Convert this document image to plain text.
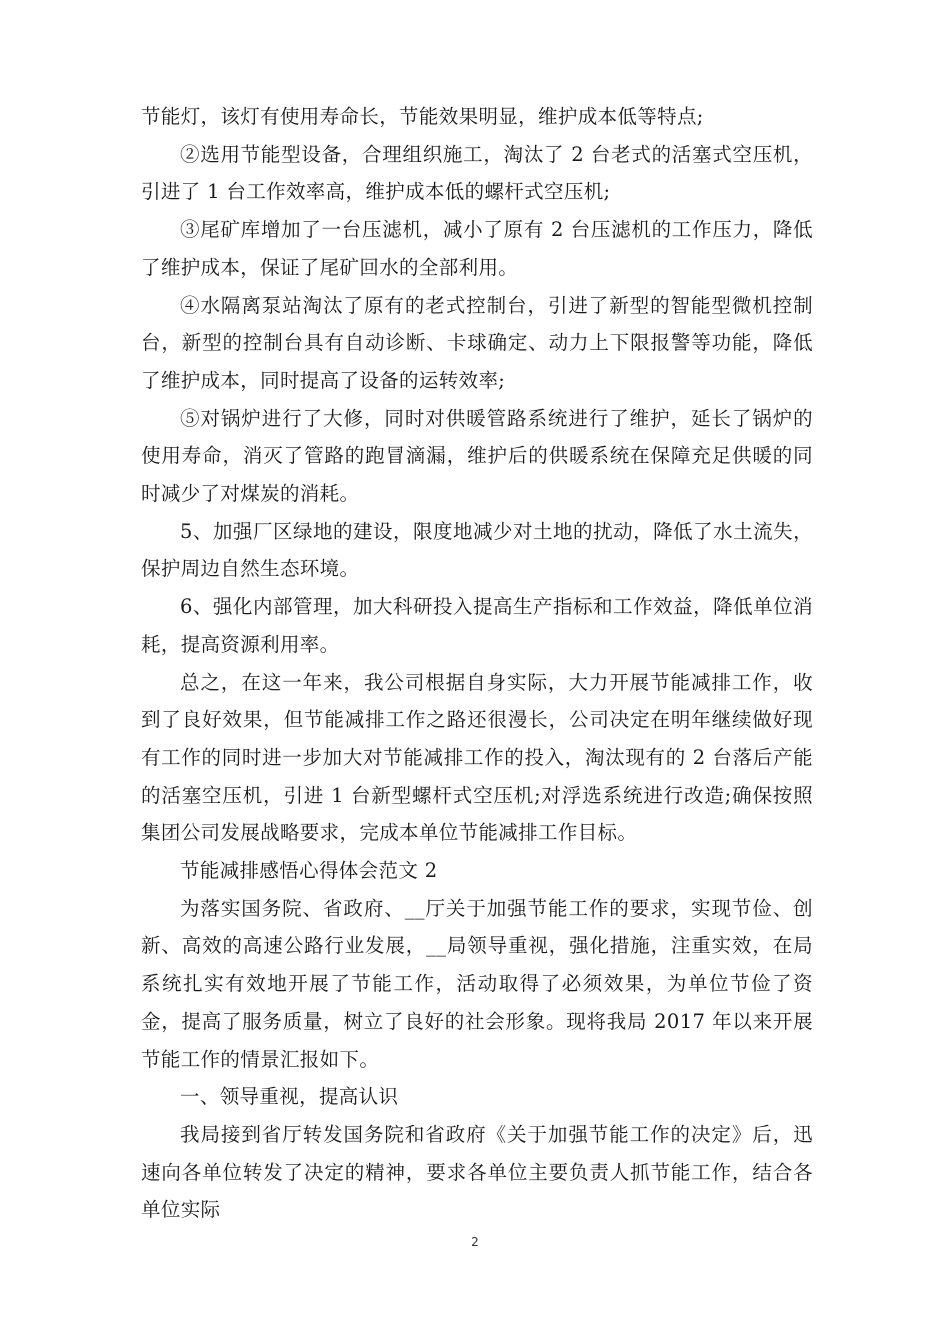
节能灯，该灯有使用寿命长，节能效果明显，维护成本低等特点;

②选用节能型设备，合理组织施工，淘汰了 2 台老式的活塞式空压机，引进了 1 台工作效率高，维护成本低的螺杆式空压机;

③尾矿库增加了一台压滤机，减小了原有 2 台压滤机的工作压力，降低了维护成本，保证了尾矿回水的全部利用。

④水隔离泵站淘汰了原有的老式控制台，引进了新型的智能型微机控制台，新型的控制台具有自动诊断、卡球确定、动力上下限报警等功能，降低了维护成本，同时提高了设备的运转效率;

⑤对锅炉进行了大修，同时对供暖管路系统进行了维护，延长了锅炉的使用寿命，消灭了管路的跑冒滴漏，维护后的供暖系统在保障充足供暖的同时减少了对煤炭的消耗。

5、加强厂区绿地的建设，限度地减少对土地的扰动，降低了水土流失，保护周边自然生态环境。

6、强化内部管理，加大科研投入提高生产指标和工作效益，降低单位消耗，提高资源利用率。

总之，在这一年来，我公司根据自身实际，大力开展节能减排工作，收到了良好效果，但节能减排工作之路还很漫长，公司决定在明年继续做好现有工作的同时进一步加大对节能减排工作的投入，淘汰现有的 2 台落后产能的活塞空压机，引进 1 台新型螺杆式空压机;对浮选系统进行改造;确保按照集团公司发展战略要求，完成本单位节能减排工作目标。

节能减排感悟心得体会范文 2

为落实国务院、省政府、__厅关于加强节能工作的要求，实现节俭、创新、高效的高速公路行业发展，__局领导重视，强化措施，注重实效，在局系统扎实有效地开展了节能工作，活动取得了必须效果，为单位节俭了资金，提高了服务质量，树立了良好的社会形象。现将我局 2017 年以来开展节能工作的情景汇报如下。

一、领导重视，提高认识

我局接到省厅转发国务院和省政府《关于加强节能工作的决定》后，迅速向各单位转发了决定的精神，要求各单位主要负责人抓节能工作，结合各单位实际

2
